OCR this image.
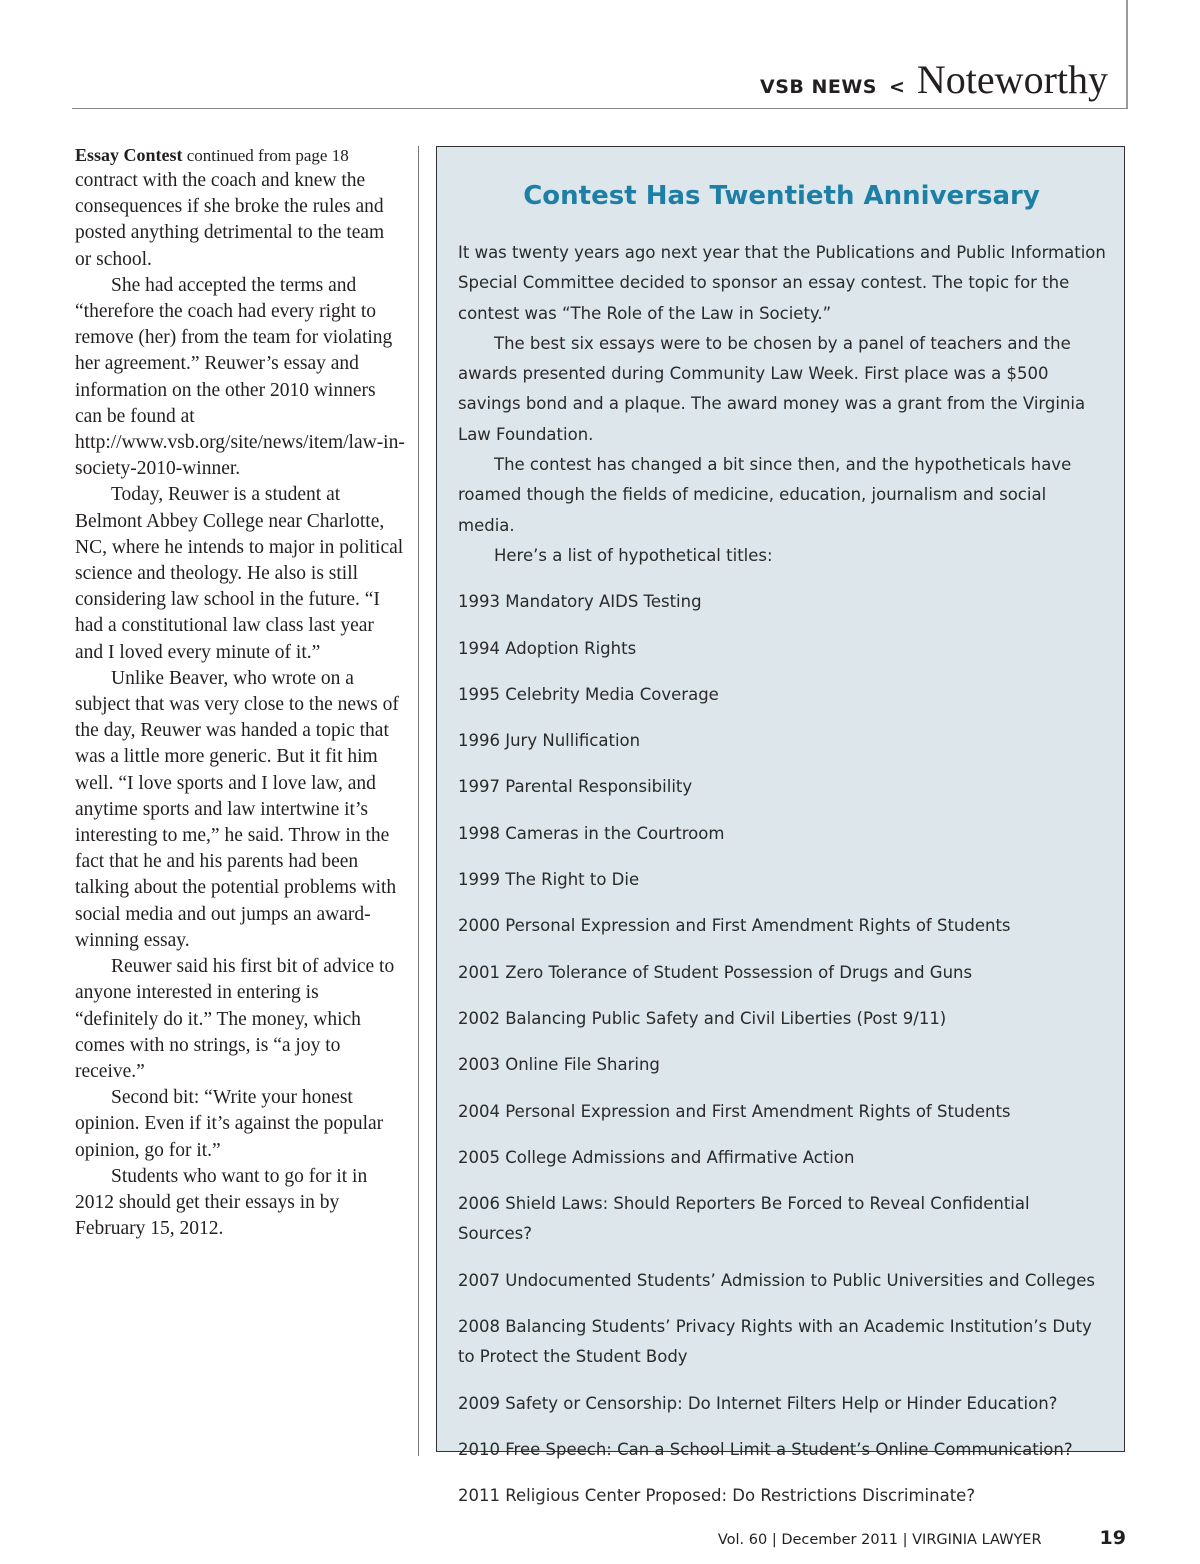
VSB NEWS < Noteworthy

Essay Contest continued from page 18

contract with the coach and knew the consequences if she broke the rules and posted anything detrimental to the team or school.

She had accepted the terms and “therefore the coach had every right to remove (her) from the team for violating her agreement.” Reuwer’s essay and information on the other 2010 winners can be found at http://www.vsb.org/site/news/item/law-in-society-2010-winner.

Today, Reuwer is a student at Belmont Abbey College near Charlotte, NC, where he intends to major in political science and theology. He also is still considering law school in the future. “I had a constitutional law class last year and I loved every minute of it.”

Unlike Beaver, who wrote on a subject that was very close to the news of the day, Reuwer was handed a topic that was a little more generic. But it fit him well. “I love sports and I love law, and anytime sports and law intertwine it’s interesting to me,” he said. Throw in the fact that he and his parents had been talking about the potential problems with social media and out jumps an award-winning essay.

Reuwer said his first bit of advice to anyone interested in entering is “definitely do it.” The money, which comes with no strings, is “a joy to receive.”

Second bit: “Write your honest opinion. Even if it’s against the popular opinion, go for it.”

Students who want to go for it in 2012 should get their essays in by February 15, 2012.

Contest Has Twentieth Anniversary

It was twenty years ago next year that the Publications and Public Information Special Committee decided to sponsor an essay contest. The topic for the contest was “The Role of the Law in Society.”

The best six essays were to be chosen by a panel of teachers and the awards presented during Community Law Week. First place was a $500 savings bond and a plaque. The award money was a grant from the Virginia Law Foundation.

The contest has changed a bit since then, and the hypotheticals have roamed though the fields of medicine, education, journalism and social media.

Here’s a list of hypothetical titles:

1993 Mandatory AIDS Testing
1994 Adoption Rights
1995 Celebrity Media Coverage
1996 Jury Nullification
1997 Parental Responsibility
1998 Cameras in the Courtroom
1999 The Right to Die
2000 Personal Expression and First Amendment Rights of Students
2001 Zero Tolerance of Student Possession of Drugs and Guns
2002 Balancing Public Safety and Civil Liberties (Post 9/11)
2003 Online File Sharing
2004 Personal Expression and First Amendment Rights of Students
2005 College Admissions and Affirmative Action
2006 Shield Laws: Should Reporters Be Forced to Reveal Confidential Sources?
2007 Undocumented Students’ Admission to Public Universities and Colleges
2008 Balancing Students’ Privacy Rights with an Academic Institution’s Duty to Protect the Student Body
2009 Safety or Censorship: Do Internet Filters Help or Hinder Education?
2010 Free Speech: Can a School Limit a Student’s Online Communication?
2011 Religious Center Proposed: Do Restrictions Discriminate?
Vol. 60 | December 2011 | VIRGINIA LAWYER	19
